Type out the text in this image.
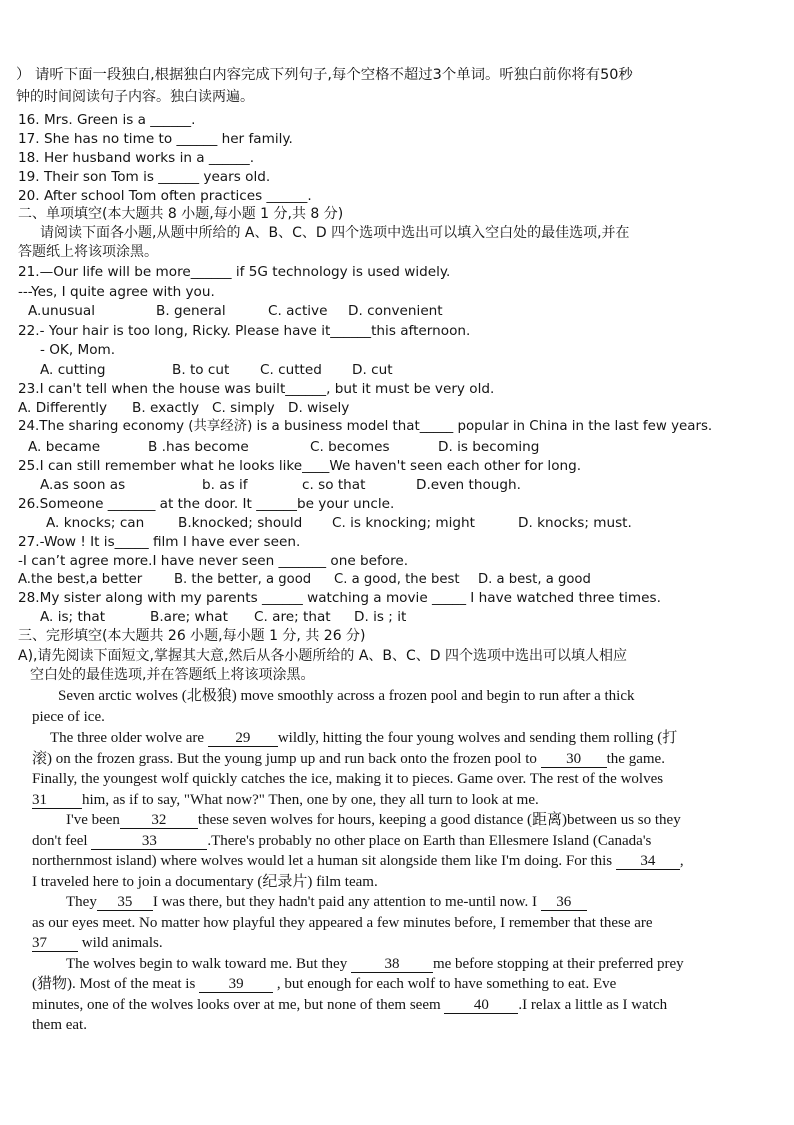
） 请听下面一段独白,根据独白内容完成下列句子,每个空格不超过3个单词。听独白前你将有50秒
钟的时间阅读句子内容。独白读两遍。
16. Mrs. Green is a ______.
17. She has no time to ______ her family.
18. Her husband works in a ______.
19. Their son Tom is ______ years old.
20. After school Tom often practices ______.
二、单项填空(本大题共 8 小题,每小题 1 分,共 8 分)
请阅读下面各小题,从题中所给的 A、B、C、D 四个选项中选出可以填入空白处的最佳选项,并在
答题纸上将该项涂黑。
21.—Our life will be more______ if 5G technology is used widely.
---Yes, I quite agree with you.
A.unusual	B. general	C. active D. convenient
22.- Your hair is too long, Ricky. Please have it______this afternoon.
- OK, Mom.
A. cutting	B. to cut C. cutted D. cut
23.I can't tell when the house was built______, but it must be very old.
A. Differently B. exactly C. simply D. wisely
24.The sharing economy (共享经济) is a business model that_____ popular in China in the last few years.
A. became	B .has become	C. becomes	D. is becoming
25.I can still remember what he looks like____We haven't seen each other for long.
A.as soon as	b. as if	c. so that	D.even though.
26.Someone _______ at the door. It ______be your uncle.
A. knocks; can B.knocked; should C. is knocking; might	D. knocks; must.
27.-Wow ! It is_____ film I have ever seen.
-I can’t agree more.I have never seen _______ one before.
A.the best,a better B. the better, a good C. a good, the best D. a best, a good
28.My sister along with my parents ______ watching a movie _____ I have watched three times.
A. is; that	B.are; what C. are; that D. is ; it
三、完形填空(本大题共 26 小题,每小题 1 分, 共 26 分)
A),请先阅读下面短文,掌握其大意,然后从各小题所给的 A、B、C、D 四个选项中选出可以填人相应
空白处的最佳选项,并在答题纸上将该项涂黑。
Seven arctic wolves (北极狼) move smoothly across a frozen pool and begin to run after a thick
piece of ice.
The three older wolve are 29 wildly, hitting the four young wolves and sending them rolling (打
滚) on the frozen grass. But the young jump up and run back onto the frozen pool to 30 the game.
Finally, the youngest wolf quickly catches the ice, making it to pieces. Game over. The rest of the wolves
31 him, as if to say, "What now?" Then, one by one, they all turn to look at me.
I've been 32 these seven wolves for hours, keeping a good distance (距离)between us so they
don't feel	33	.There's probably no other place on Earth than Ellesmere Island (Canada's
northernmost island) where wolves would let a human sit alongside them like I'm doing. For this 34 ,
I traveled here to join a documentary (纪录片) film team.
They 35 I was there, but they hadn't paid any attention to me-until now. I 36
as our eyes meet. No matter how playful they appeared a few minutes before, I remember that these are
37 wild animals.
The wolves begin to walk toward me. But they 38 me before stopping at their preferred prey
(猎物). Most of the meat is 39 , but enough for each wolf to have something to eat. Eve
minutes, one of the wolves looks over at me, but none of them seem 40 .I relax a little as I watch
them eat.
